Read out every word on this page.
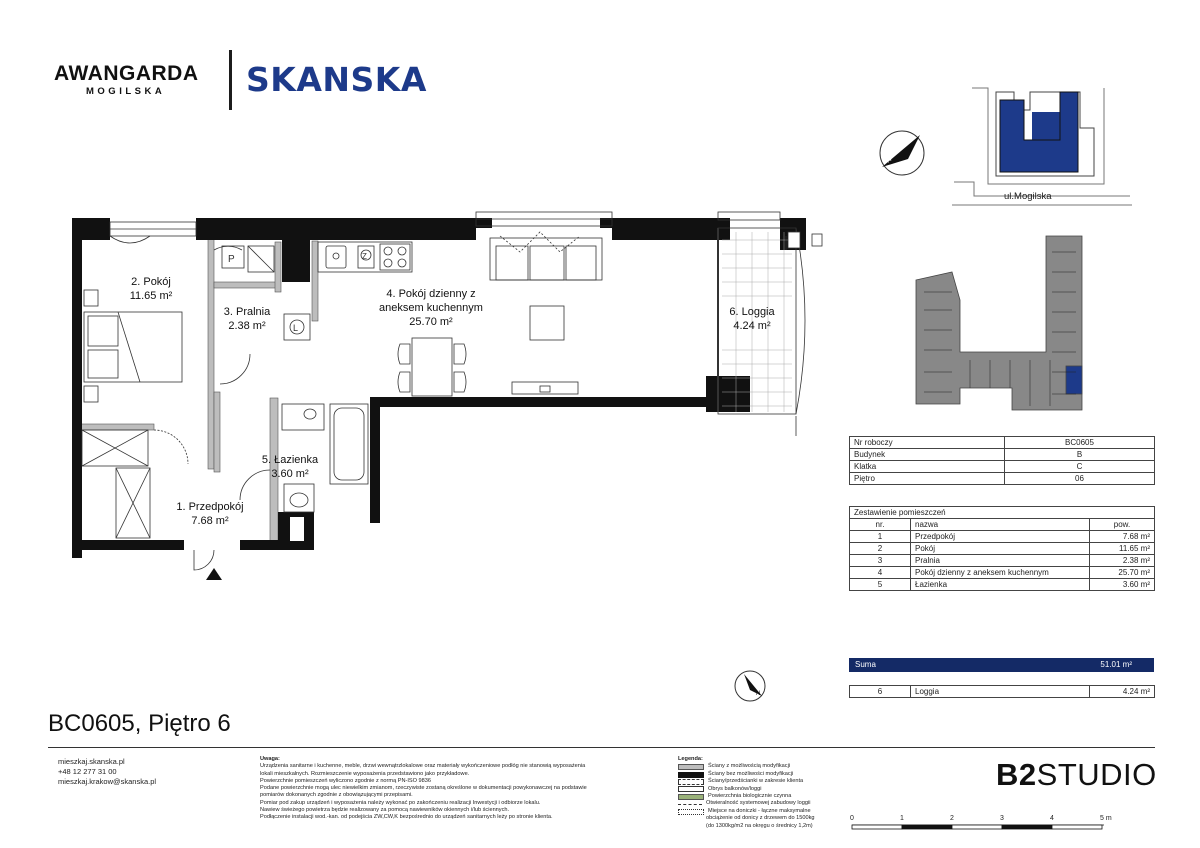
AWANGARDA
MOGILSKA SKANSKA
N
N
P
L
Z
2. Pokój
11.65 m²
3. Pralnia
2.38 m²
4. Pokój dzienny z
aneksem kuchennym
25.70 m²
6. Loggia
4.24 m²
5. Łazienka
3.60 m²
1. Przedpokój
7.68 m²
ul.Mogilska
Nr roboczy	BC0605
Budynek	B
Klatka	C
Piętro	06
Zestawienie pomieszczeń		
nr.	nazwa	pow.
1	Przedpokój	7.68 m²
2	Pokój	11.65 m²
3	Pralnia	2.38 m²
4	Pokój dzienny z aneksem kuchennym	25.70 m²
5	Łazienka	3.60 m²
Suma	51.01 m²
6	Loggia	4.24 m²
BC0605, Piętro 6
mieszkaj.skanska.pl
+48 12 277 31 00
mieszkaj.krakow@skanska.pl
Uwaga:
Urządzenia sanitarne i kuchenne, meble, drzwi wewnątrzlokalowe oraz materiały wykończeniowe podłóg nie stanowią wyposażenia
lokali mieszkalnych. Rozmieszczenie wyposażenia przedstawiono jako przykładowe.
Powierzchnie pomieszczeń wyliczono zgodnie z normą PN-ISO 9836
Podane powierzchnie mogą ulec niewielkim zmianom, rzeczywiste zostaną określone w dokumentacji powykonawczej na podstawie
pomiarów dokonanych zgodnie z obowiązującymi przepisami.
Pomiar pod zakup urządzeń i wyposażenia należy wykonać po zakończeniu realizacji Inwestycji i odbiorze lokalu.
Nawiew świeżego powietrza będzie realizowany za pomocą nawiewników okiennych i/lub ściennych.
Podłączenie instalacji wod.-kan. od podejścia ZW,CW,K bezpośrednio do urządzeń sanitarnych leży po stronie klienta.
Legenda:
Ściany z możliwością modyfikacji
Ściany bez możliwości modyfikacji
Ściany/przedścianki w zakresie klienta
Obrys balkonów/loggi
Powierzchnia biologicznie czynna
Otwieralność systemowej zabudowy loggii
Miejsce na doniczki - łączne maksymalne
obciążenie od donicy z drzewem do 1500kg
(do 1300kg/m2 na okręgu o średnicy 1,2m)
B2STUDIO
0	1	2	3	4	5 m
